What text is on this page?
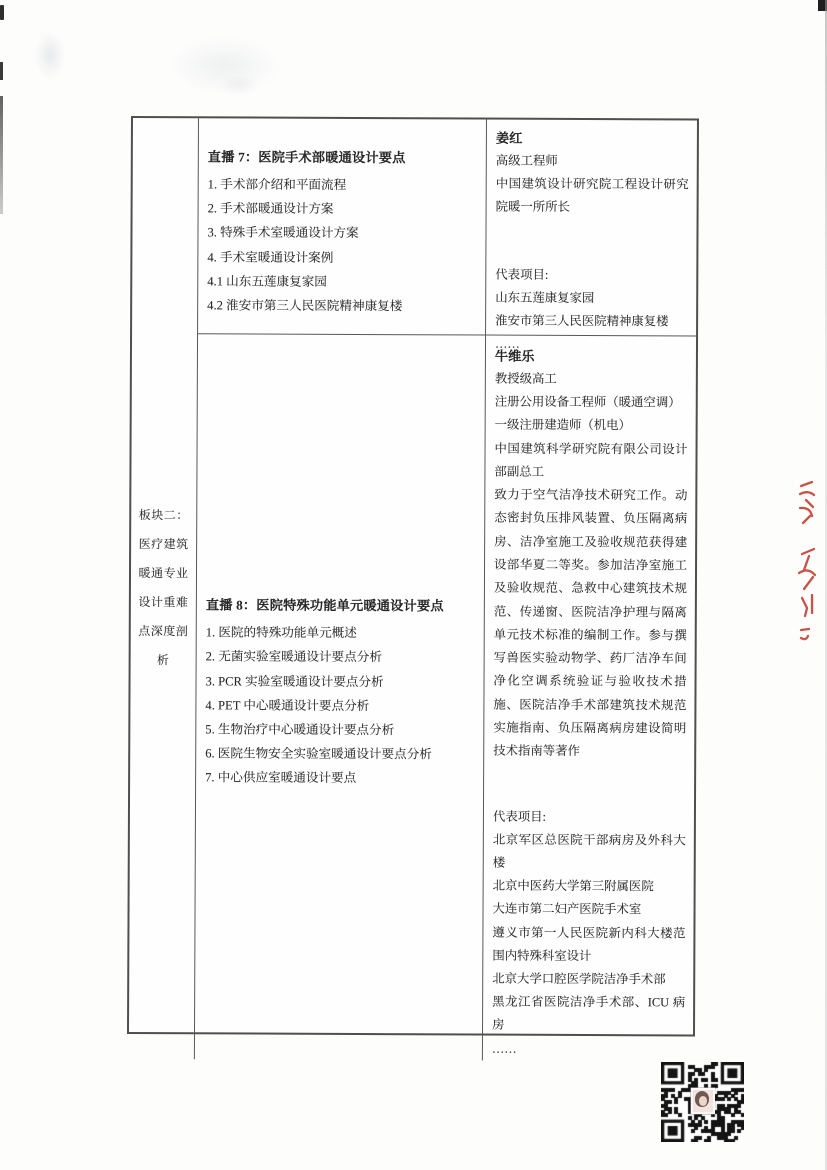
板块二：医疗建筑暖通专业设计重难点深度剖析
直播 7：医院手术部暖通设计要点
1. 手术部介绍和平面流程
2. 手术部暖通设计方案
3. 特殊手术室暖通设计方案
4. 手术室暖通设计案例
4.1 山东五莲康复家园
4.2 淮安市第三人民医院精神康复楼
姜红
高级工程师
中国建筑设计研究院工程设计研究院暖一所所长
代表项目:
山东五莲康复家园
淮安市第三人民医院精神康复楼
……
直播 8：医院特殊功能单元暖通设计要点
1. 医院的特殊功能单元概述
2. 无菌实验室暖通设计要点分析
3. PCR 实验室暖通设计要点分析
4. PET 中心暖通设计要点分析
5. 生物治疗中心暖通设计要点分析
6. 医院生物安全实验室暖通设计要点分析
7. 中心供应室暖通设计要点
牛维乐
教授级高工
注册公用设备工程师（暖通空调）
一级注册建造师（机电）
中国建筑科学研究院有限公司设计部副总工
致力于空气洁净技术研究工作。动态密封负压排风装置、负压隔离病房、洁净室施工及验收规范获得建设部华夏二等奖。参加洁净室施工及验收规范、急救中心建筑技术规范、传递窗、医院洁净护理与隔离单元技术标准的编制工作。参与撰写兽医实验动物学、药厂洁净车间净化空调系统验证与验收技术措施、医院洁净手术部建筑技术规范实施指南、负压隔离病房建设简明技术指南等著作
代表项目:
北京军区总医院干部病房及外科大楼
北京中医药大学第三附属医院
大连市第二妇产医院手术室
遵义市第一人民医院新内科大楼范围内特殊科室设计
北京大学口腔医学院洁净手术部
黑龙江省医院洁净手术部、ICU 病房
……
